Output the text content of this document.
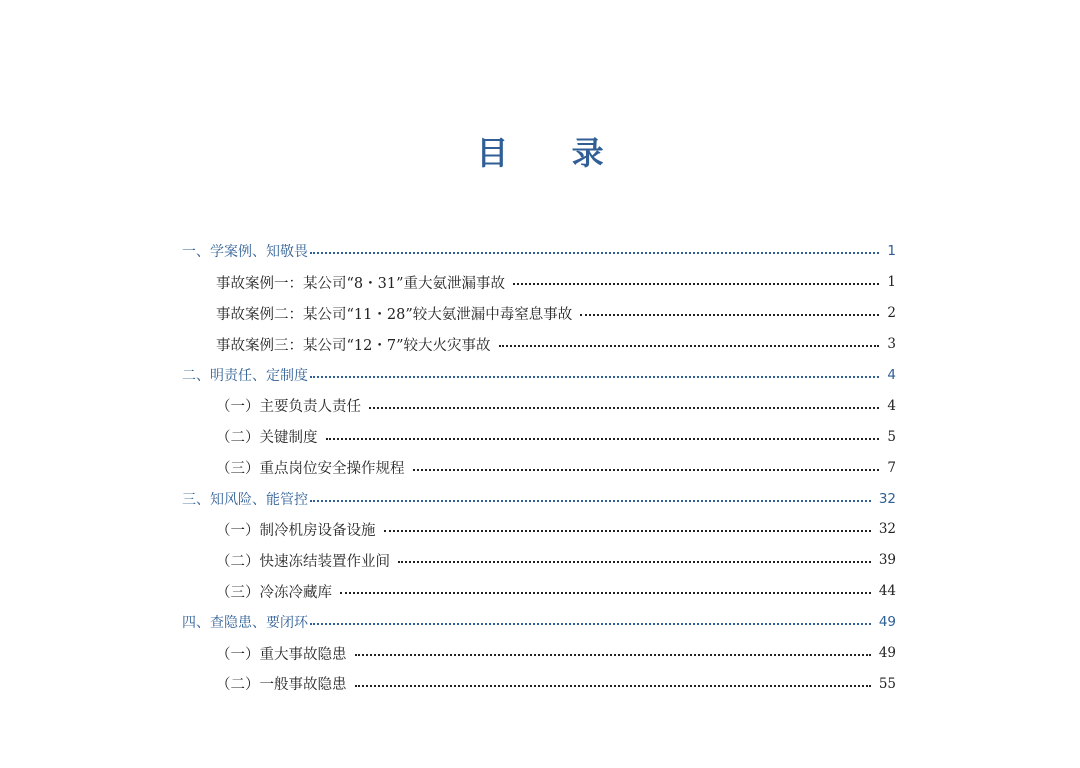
目 录
一、学案例、知敬畏	1
事故案例一：某公司“8・31”重大氨泄漏事故	1
事故案例二：某公司“11・28”较大氨泄漏中毒窒息事故	2
事故案例三：某公司“12・7”较大火灾事故	3
二、明责任、定制度	4
（一）主要负责人责任	4
（二）关键制度	5
（三）重点岗位安全操作规程	7
三、知风险、能管控	32
（一）制冷机房设备设施	32
（二）快速冻结装置作业间	39
（三）冷冻冷藏库	44
四、查隐患、要闭环	49
（一）重大事故隐患	49
（二）一般事故隐患	55
